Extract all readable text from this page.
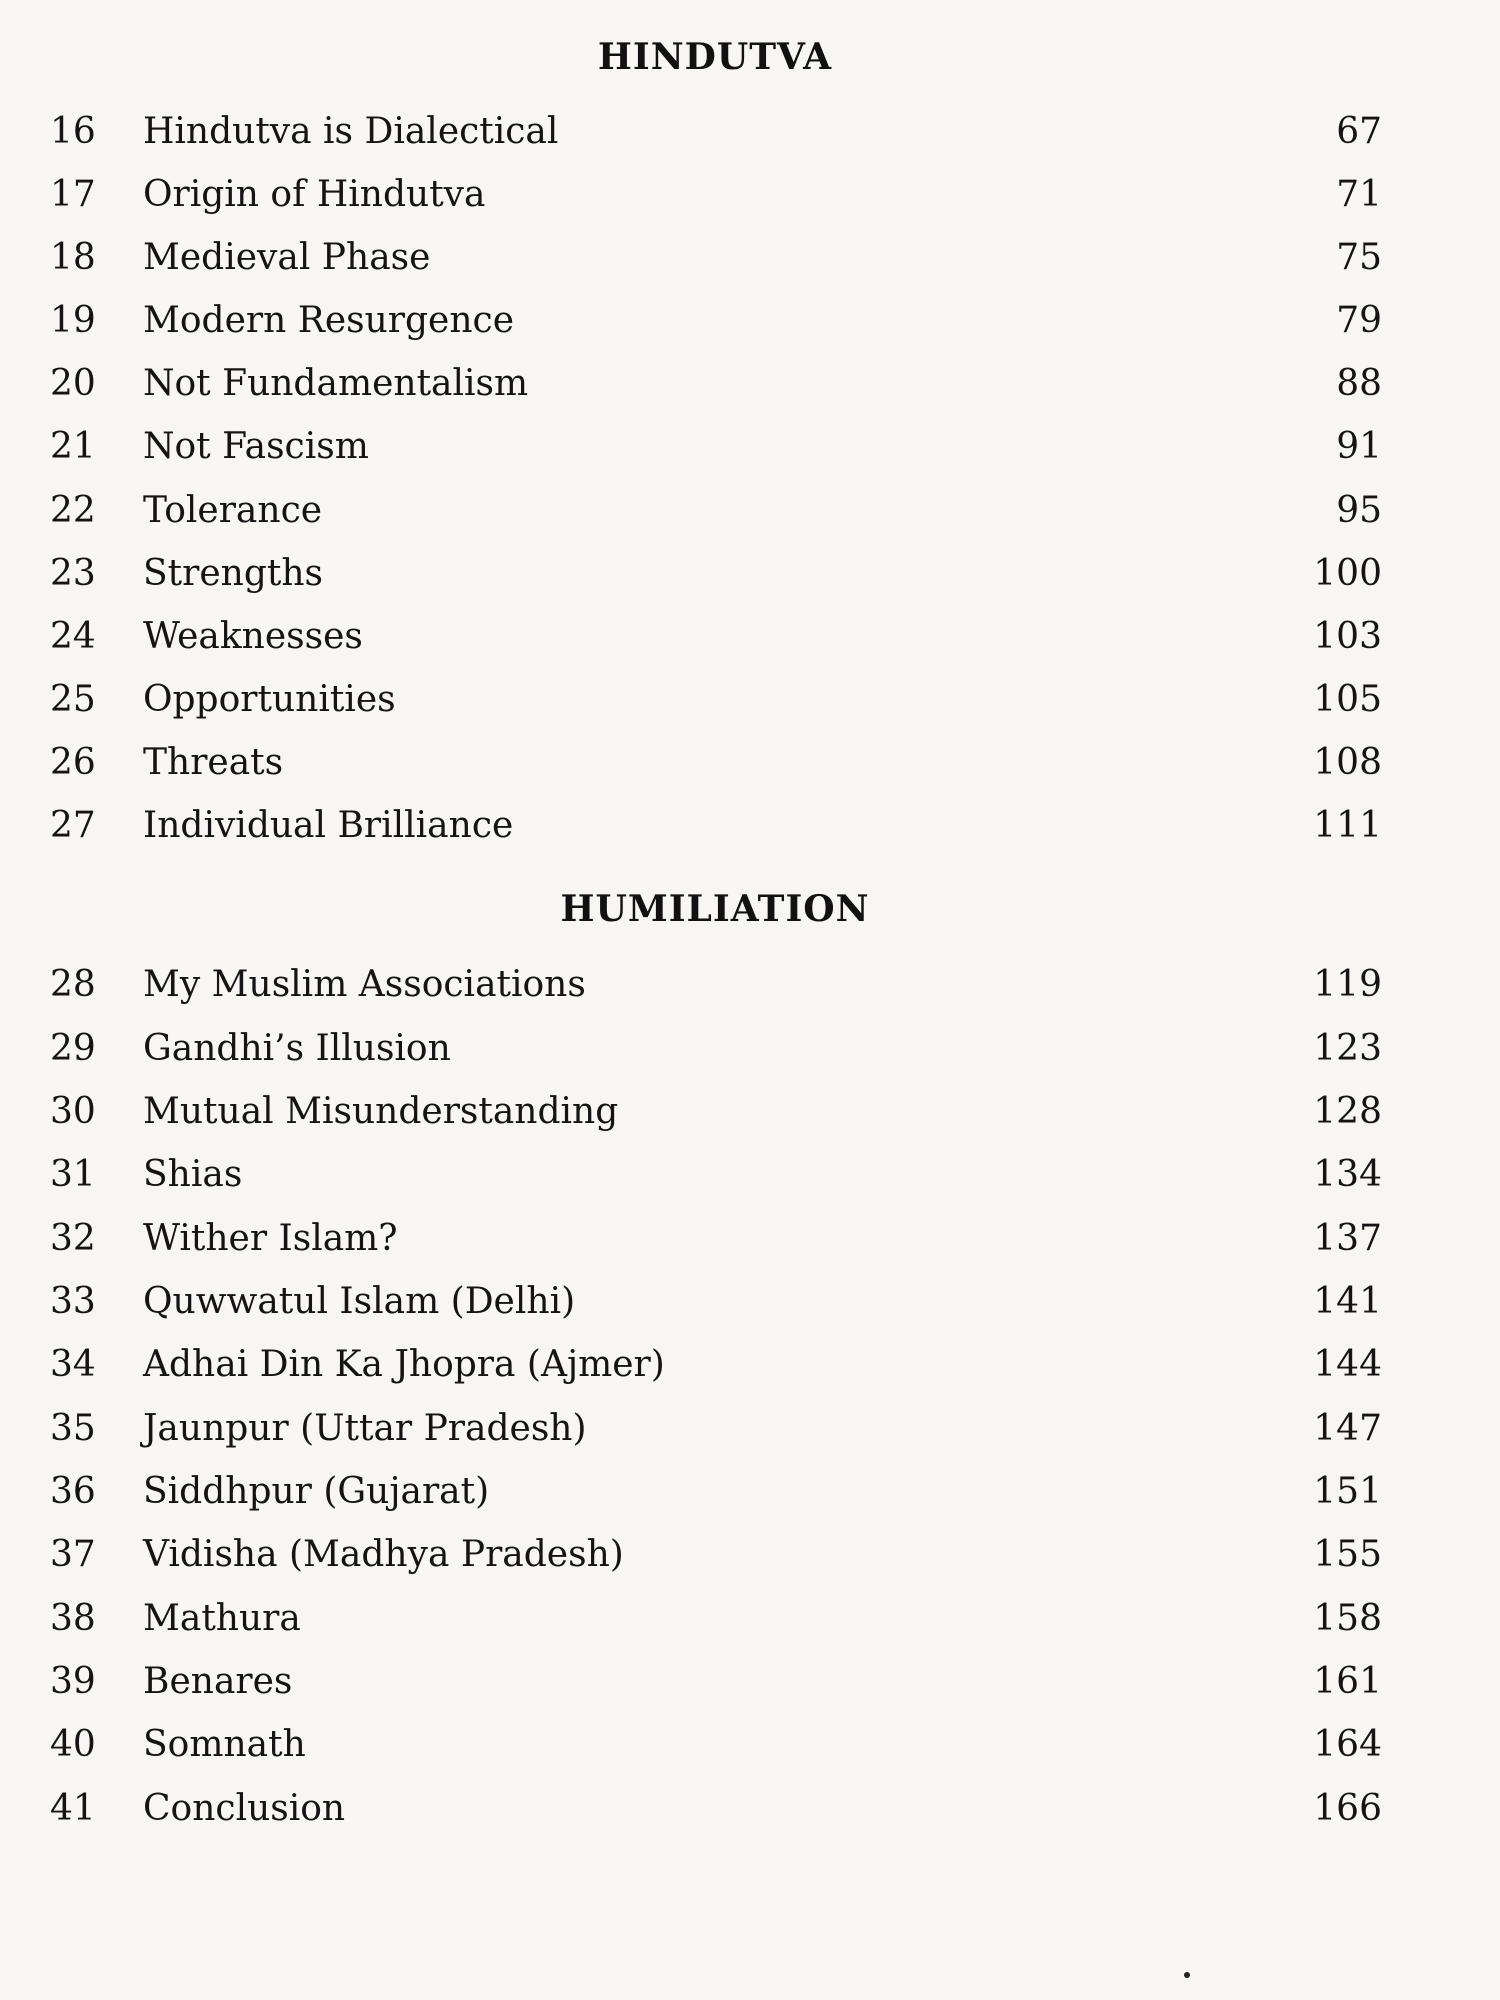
HINDUTVA
16	Hindutva is Dialectical	67
17	Origin of Hindutva	71
18	Medieval Phase	75
19	Modern Resurgence	79
20	Not Fundamentalism	88
21	Not Fascism	91
22	Tolerance	95
23	Strengths	100
24	Weaknesses	103
25	Opportunities	105
26	Threats	108
27	Individual Brilliance	111
HUMILIATION
28	My Muslim Associations	119
29	Gandhi’s Illusion	123
30	Mutual Misunderstanding	128
31	Shias	134
32	Wither Islam?	137
33	Quwwatul Islam (Delhi)	141
34	Adhai Din Ka Jhopra (Ajmer)	144
35	Jaunpur (Uttar Pradesh)	147
36	Siddhpur (Gujarat)	151
37	Vidisha (Madhya Pradesh)	155
38	Mathura	158
39	Benares	161
40	Somnath	164
41	Conclusion	166
